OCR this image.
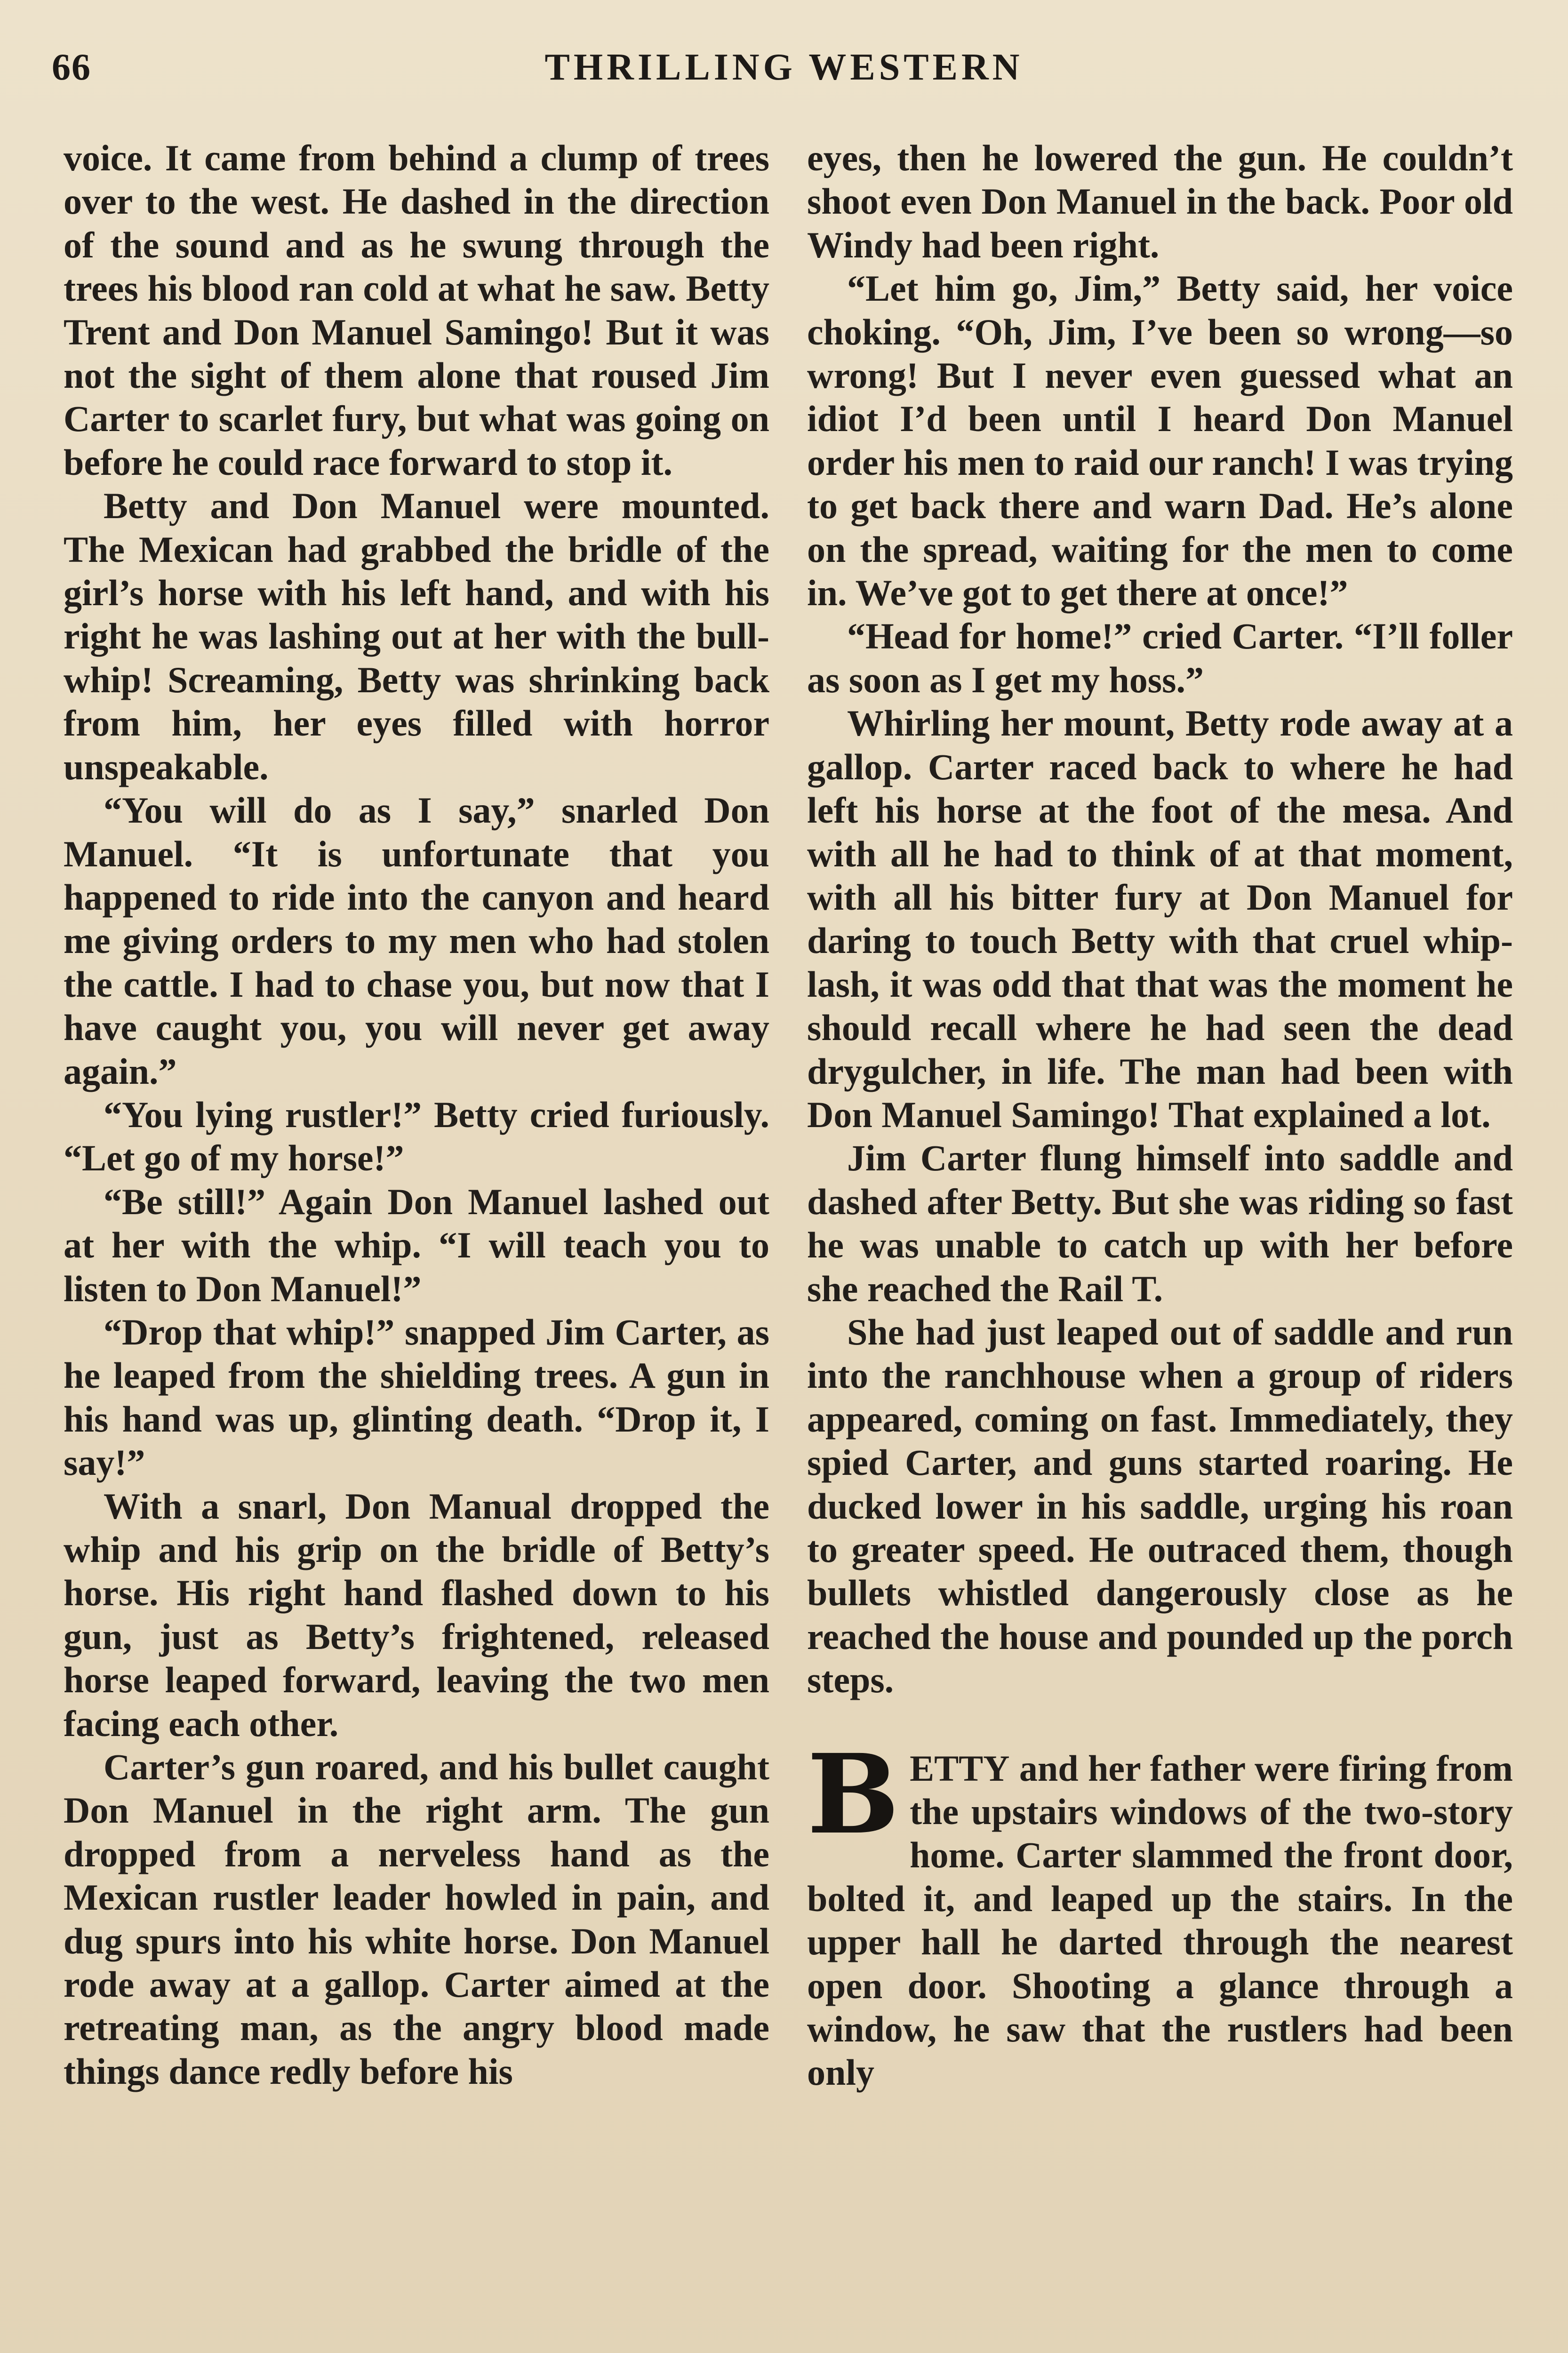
66	THRILLING WESTERN

voice. It came from behind a clump of trees over to the west. He dashed in the direction of the sound and as he swung through the trees his blood ran cold at what he saw. Betty Trent and Don Manuel Samingo! But it was not the sight of them alone that roused Jim Carter to scarlet fury, but what was going on before he could race forward to stop it.

Betty and Don Manuel were mounted. The Mexican had grabbed the bridle of the girl’s horse with his left hand, and with his right he was lashing out at her with the bull-whip! Screaming, Betty was shrinking back from him, her eyes filled with horror unspeakable.

“You will do as I say,” snarled Don Manuel. “It is unfortunate that you happened to ride into the canyon and heard me giving orders to my men who had stolen the cattle. I had to chase you, but now that I have caught you, you will never get away again.”

“You lying rustler!” Betty cried furiously. “Let go of my horse!”

“Be still!” Again Don Manuel lashed out at her with the whip. “I will teach you to listen to Don Manuel!”

“Drop that whip!” snapped Jim Carter, as he leaped from the shielding trees. A gun in his hand was up, glinting death. “Drop it, I say!”

With a snarl, Don Manual dropped the whip and his grip on the bridle of Betty’s horse. His right hand flashed down to his gun, just as Betty’s frightened, released horse leaped forward, leaving the two men facing each other.

Carter’s gun roared, and his bullet caught Don Manuel in the right arm. The gun dropped from a nerveless hand as the Mexican rustler leader howled in pain, and dug spurs into his white horse. Don Manuel rode away at a gallop. Carter aimed at the retreating man, as the angry blood made things dance redly before his

eyes, then he lowered the gun. He couldn’t shoot even Don Manuel in the back. Poor old Windy had been right.

“Let him go, Jim,” Betty said, her voice choking. “Oh, Jim, I’ve been so wrong—so wrong! But I never even guessed what an idiot I’d been until I heard Don Manuel order his men to raid our ranch! I was trying to get back there and warn Dad. He’s alone on the spread, waiting for the men to come in. We’ve got to get there at once!”

“Head for home!” cried Carter. “I’ll foller as soon as I get my hoss.”

Whirling her mount, Betty rode away at a gallop. Carter raced back to where he had left his horse at the foot of the mesa. And with all he had to think of at that moment, with all his bitter fury at Don Manuel for daring to touch Betty with that cruel whip-lash, it was odd that that was the moment he should recall where he had seen the dead drygulcher, in life. The man had been with Don Manuel Samingo! That explained a lot.

Jim Carter flung himself into saddle and dashed after Betty. But she was riding so fast he was unable to catch up with her before she reached the Rail T.

She had just leaped out of saddle and run into the ranchhouse when a group of riders appeared, coming on fast. Immediately, they spied Carter, and guns started roaring. He ducked lower in his saddle, urging his roan to greater speed. He outraced them, though bullets whistled dangerously close as he reached the house and pounded up the porch steps.

BETTY and her father were firing from the upstairs windows of the two-story home. Carter slammed the front door, bolted it, and leaped up the stairs. In the upper hall he darted through the nearest open door. Shooting a glance through a window, he saw that the rustlers had been only
